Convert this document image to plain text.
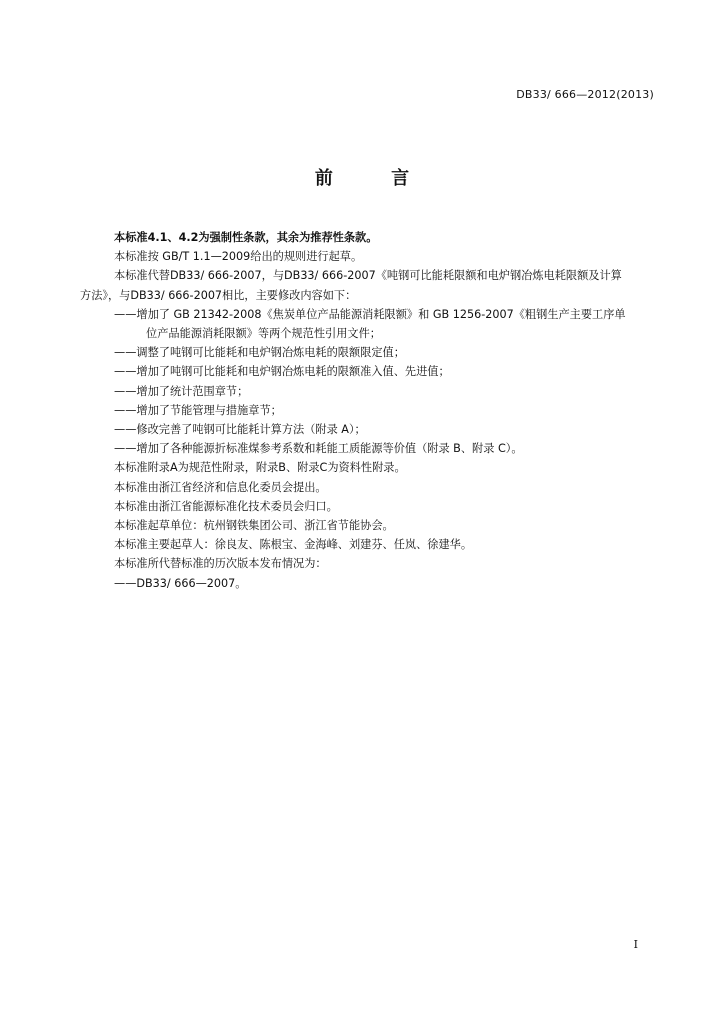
DB33/ 666—2012(2013)
前 言
本标准4.1、4.2为强制性条款，其余为推荐性条款。
本标准按 GB/T 1.1—2009给出的规则进行起草。
本标准代替DB33/ 666-2007，与DB33/ 666-2007《吨钢可比能耗限额和电炉钢冶炼电耗限额及计算
方法》，与DB33/ 666-2007相比，主要修改内容如下：
——增加了 GB 21342-2008《焦炭单位产品能源消耗限额》和 GB 1256-2007《粗钢生产主要工序单
位产品能源消耗限额》等两个规范性引用文件；
——调整了吨钢可比能耗和电炉钢冶炼电耗的限额限定值；
——增加了吨钢可比能耗和电炉钢冶炼电耗的限额准入值、先进值；
——增加了统计范围章节；
——增加了节能管理与措施章节；
——修改完善了吨钢可比能耗计算方法（附录 A）；
——增加了各种能源折标准煤参考系数和耗能工质能源等价值（附录 B、附录 C）。
本标准附录A为规范性附录，附录B、附录C为资料性附录。
本标准由浙江省经济和信息化委员会提出。
本标准由浙江省能源标准化技术委员会归口。
本标准起草单位：杭州钢铁集团公司、浙江省节能协会。
本标准主要起草人：徐良友、陈根宝、金海峰、刘建芬、任岚、徐建华。
本标准所代替标准的历次版本发布情况为：
——DB33/ 666—2007。
I
